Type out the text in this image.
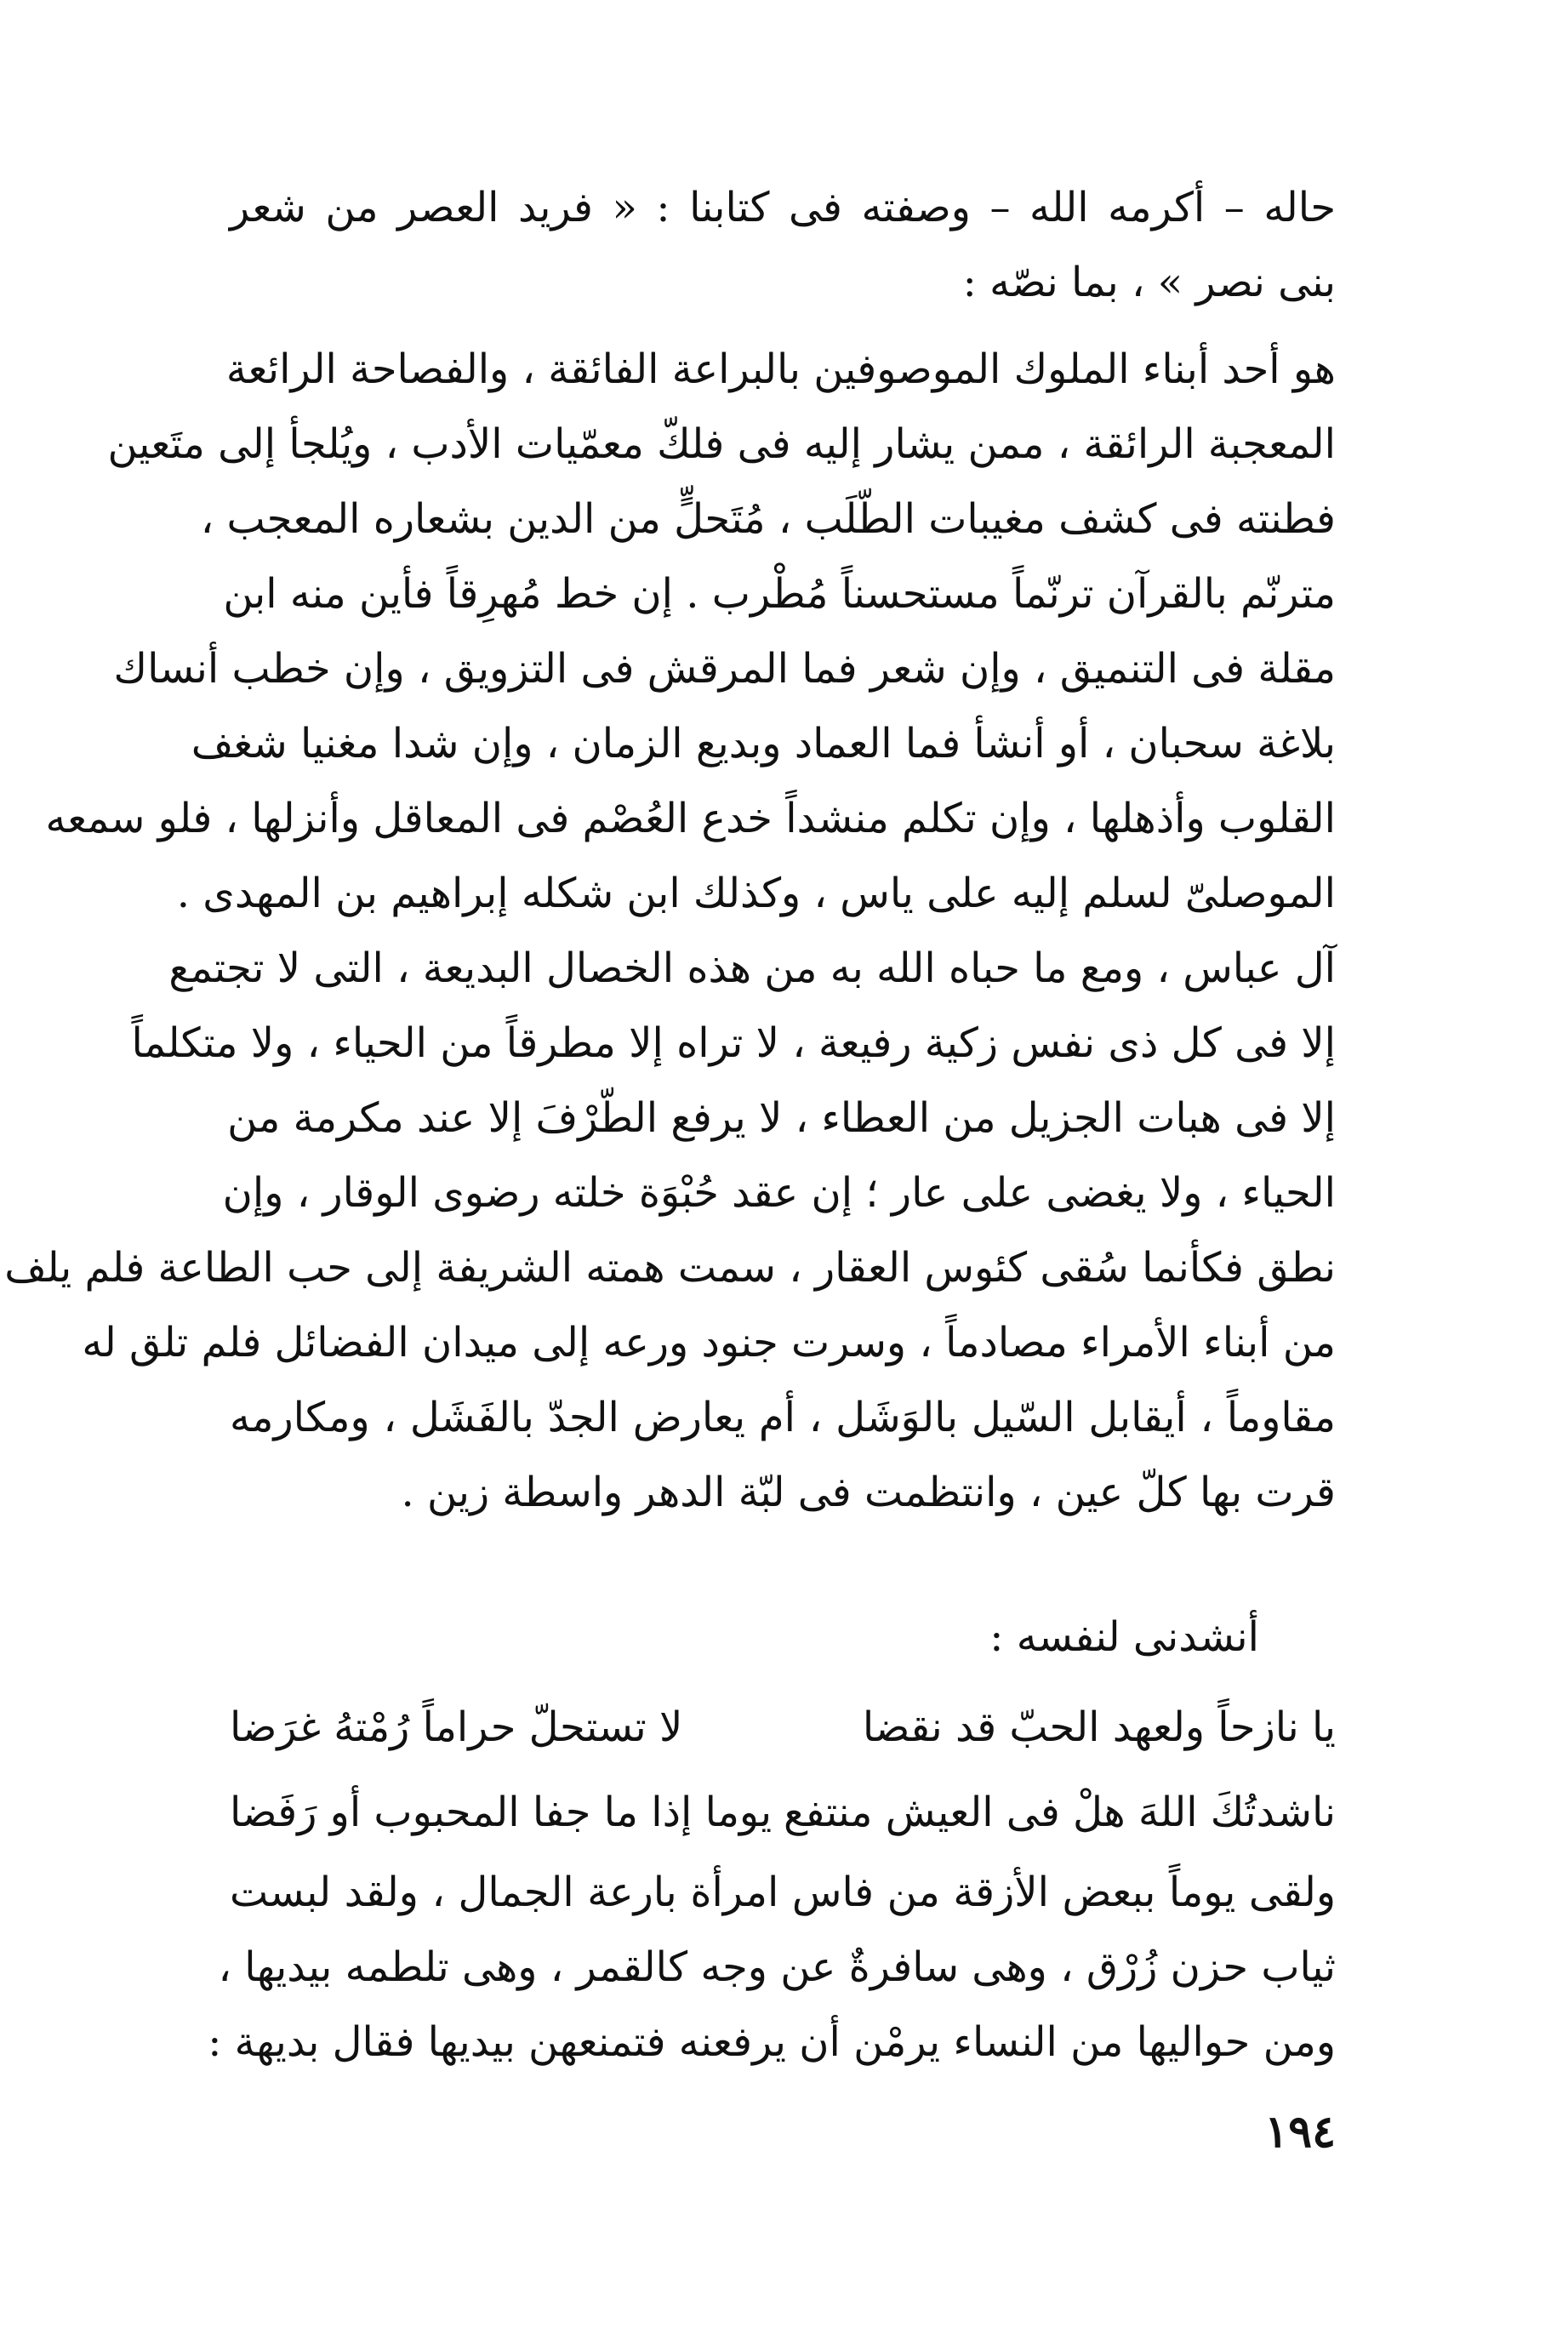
حاله – أكرمه الله – وصفته فى كتابنا : « فريد العصر من شعر
بنى نصر » ، بما نصّه :
هو أحد أبناء الملوك الموصوفين بالبراعة الفائقة ، والفصاحة الرائعة
المعجبة الرائقة ، ممن يشار إليه فى فلكّ معمّيات الأدب ، ويُلجأ إلى متَعين
فطنته فى كشف مغيبات الطّلَب ، مُتَحلٍّ من الدين بشعاره المعجب ،
مترنّم بالقرآن ترنّماً مستحسناً مُطْرب . إن خط مُهرِقاً فأين منه ابن
مقلة فى التنميق ، وإن شعر فما المرقش فى التزويق ، وإن خطب أنساك
بلاغة سحبان ، أو أنشأ فما العماد وبديع الزمان ، وإن شدا مغنيا شغف
القلوب وأذهلها ، وإن تكلم منشداً خدع العُصْم فى المعاقل وأنزلها ، فلو سمعه
الموصلىّ لسلم إليه على ياس ، وكذلك ابن شكله إبراهيم بن المهدى .
آل عباس ، ومع ما حباه الله به من هذه الخصال البديعة ، التى لا تجتمع
إلا فى كل ذى نفس زكية رفيعة ، لا تراه إلا مطرقاً من الحياء ، ولا متكلماً
إلا فى هبات الجزيل من العطاء ، لا يرفع الطّرْفَ إلا عند مكرمة من
الحياء ، ولا يغضى على عار ؛ إن عقد حُبْوَة خلته رضوى الوقار ، وإن
نطق فكأنما سُقى كئوس العقار ، سمت همته الشريفة إلى حب الطاعة فلم يلف
من أبناء الأمراء مصادماً ، وسرت جنود ورعه إلى ميدان الفضائل فلم تلق له
مقاوماً ، أيقابل السّيل بالوَشَل ، أم يعارض الجدّ بالفَشَل ، ومكارمه
قرت بها كلّ عين ، وانتظمت فى لبّة الدهر واسطة زين .
أنشدنى لنفسه :
يا نازحاً ولعهد الحبّ قد نقضا
لا تستحلّ حراماً رُمْتهُ غرَضا
ناشدتُكَ اللهَ هلْ فى العيش منتفع
يوما إذا ما جفا المحبوب أو رَفَضا
ولقى يوماً ببعض الأزقة من فاس امرأة بارعة الجمال ، ولقد لبست
ثياب حزن زُرْق ، وهى سافرةٌ عن وجه كالقمر ، وهى تلطمه بيديها ،
ومن حواليها من النساء يرمْن أن يرفعنه فتمنعهن بيديها فقال بديهة :
١٩٤
